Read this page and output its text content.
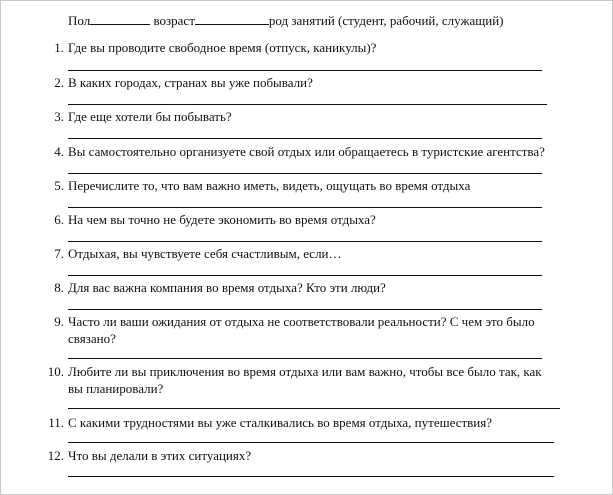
Пол	возраст	род занятий (студент, рабочий, служащий)
1. Где вы проводите свободное время (отпуск, каникулы)?
2. В каких городах, странах вы уже побывали?
3. Где еще хотели бы побывать?
4. Вы самостоятельно организуете свой отдых или обращаетесь в туристские агентства?
5. Перечислите то, что вам важно иметь, видеть, ощущать во время отдыха
6. На чем вы точно не будете экономить во время отдыха?
7. Отдыхая, вы чувствуете себя счастливым, если…
8. Для вас важна компания во время отдыха? Кто эти люди?
9. Часто ли ваши ожидания от отдыха не соответствовали реальности? С чем это было связано?
10. Любите ли вы приключения во время отдыха или вам важно, чтобы все было так, как вы планировали?
11. С какими трудностями вы уже сталкивались во время отдыха, путешествия?
12. Что вы делали в этих ситуациях?
